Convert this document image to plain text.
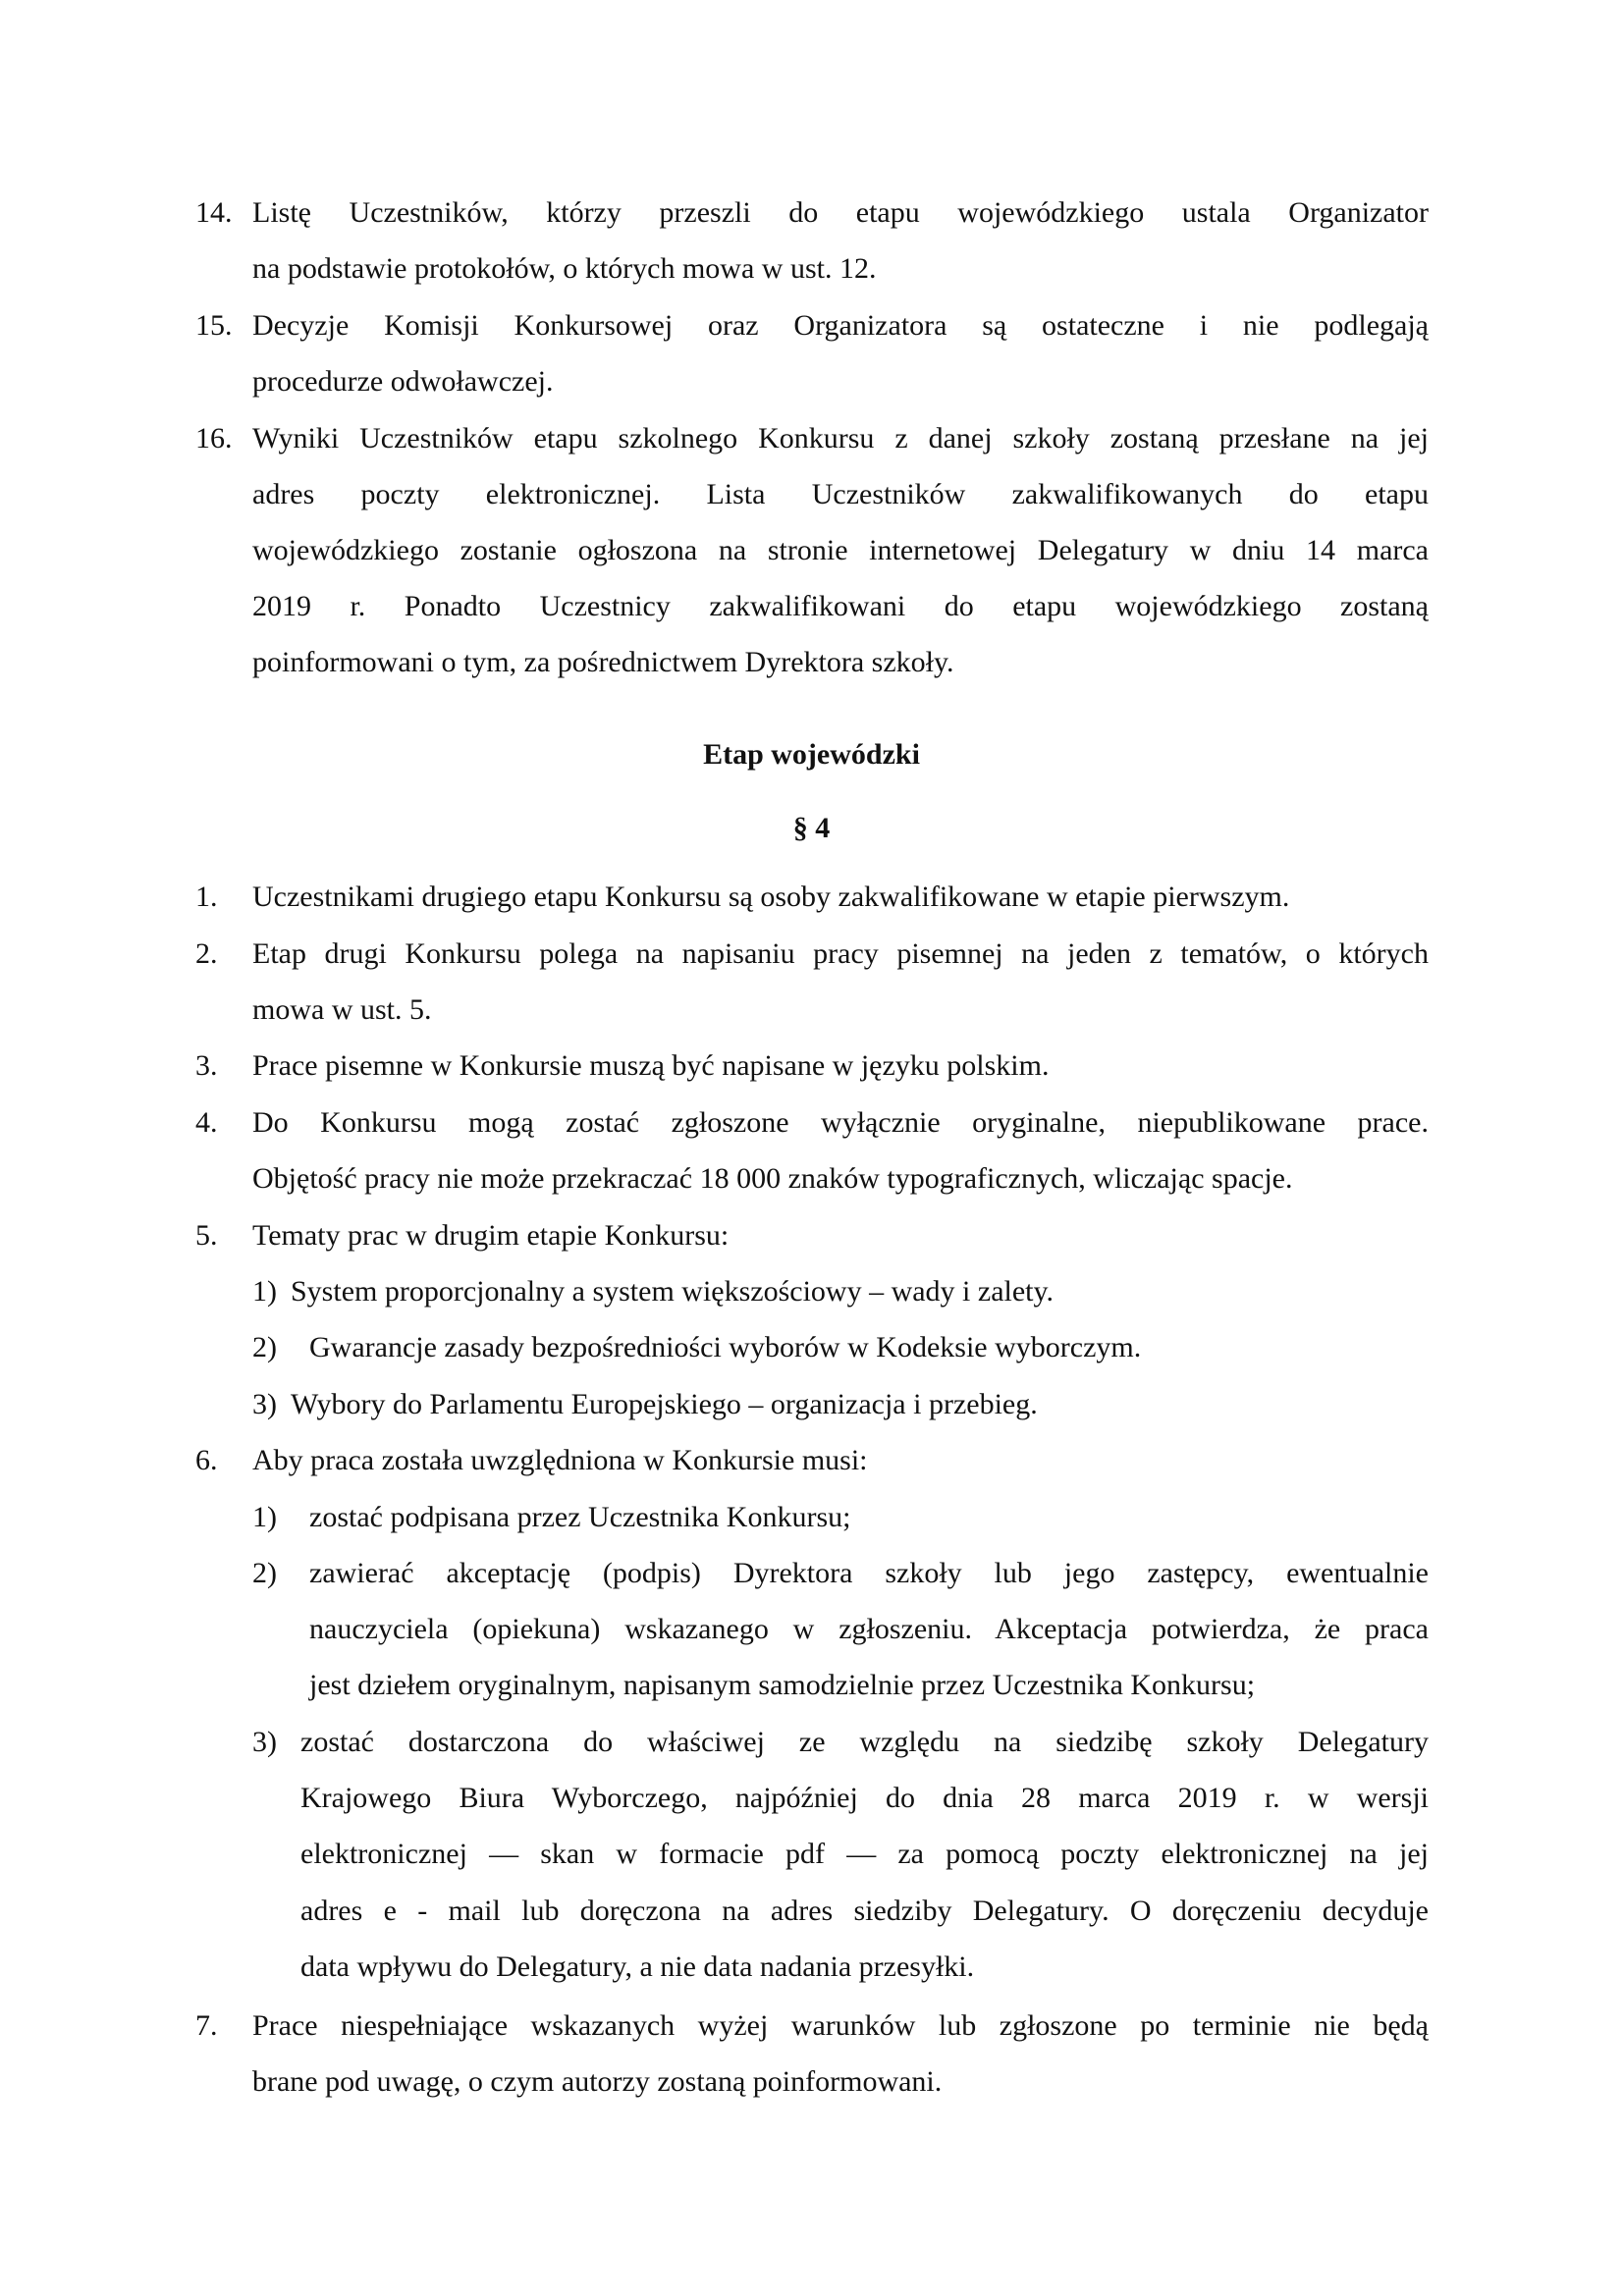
14. Listę Uczestników, którzy przeszli do etapu wojewódzkiego ustala Organizator
na podstawie protokołów, o których mowa w ust. 12.
15. Decyzje Komisji Konkursowej oraz Organizatora są ostateczne i nie podlegają
procedurze odwoławczej.
16. Wyniki Uczestników etapu szkolnego Konkursu z danej szkoły zostaną przesłane na jej
adres poczty elektronicznej. Lista Uczestników zakwalifikowanych do etapu
wojewódzkiego zostanie ogłoszona na stronie internetowej Delegatury w dniu 14 marca
2019 r. Ponadto Uczestnicy zakwalifikowani do etapu wojewódzkiego zostaną
poinformowani o tym, za pośrednictwem Dyrektora szkoły.
Etap wojewódzki
§ 4
1. Uczestnikami drugiego etapu Konkursu są osoby zakwalifikowane w etapie pierwszym.
2. Etap drugi Konkursu polega na napisaniu pracy pisemnej na jeden z tematów, o których
mowa w ust. 5.
3. Prace pisemne w Konkursie muszą być napisane w języku polskim.
4. Do Konkursu mogą zostać zgłoszone wyłącznie oryginalne, niepublikowane prace.
Objętość pracy nie może przekraczać 18 000 znaków typograficznych, wliczając spacje.
5. Tematy prac w drugim etapie Konkursu:
1) System proporcjonalny a system większościowy – wady i zalety.
2) Gwarancje zasady bezpośredniości wyborów w Kodeksie wyborczym.
3) Wybory do Parlamentu Europejskiego – organizacja i przebieg.
6. Aby praca została uwzględniona w Konkursie musi:
1) zostać podpisana przez Uczestnika Konkursu;
2) zawierać akceptację (podpis) Dyrektora szkoły lub jego zastępcy, ewentualnie
nauczyciela (opiekuna) wskazanego w zgłoszeniu. Akceptacja potwierdza, że praca
jest dziełem oryginalnym, napisanym samodzielnie przez Uczestnika Konkursu;
3) zostać dostarczona do właściwej ze względu na siedzibę szkoły Delegatury
Krajowego Biura Wyborczego, najpóźniej do dnia 28 marca 2019 r. w wersji
elektronicznej — skan w formacie pdf — za pomocą poczty elektronicznej na jej
adres e - mail lub doręczona na adres siedziby Delegatury. O doręczeniu decyduje
data wpływu do Delegatury, a nie data nadania przesyłki.
7. Prace niespełniające wskazanych wyżej warunków lub zgłoszone po terminie nie będą
brane pod uwagę, o czym autorzy zostaną poinformowani.
